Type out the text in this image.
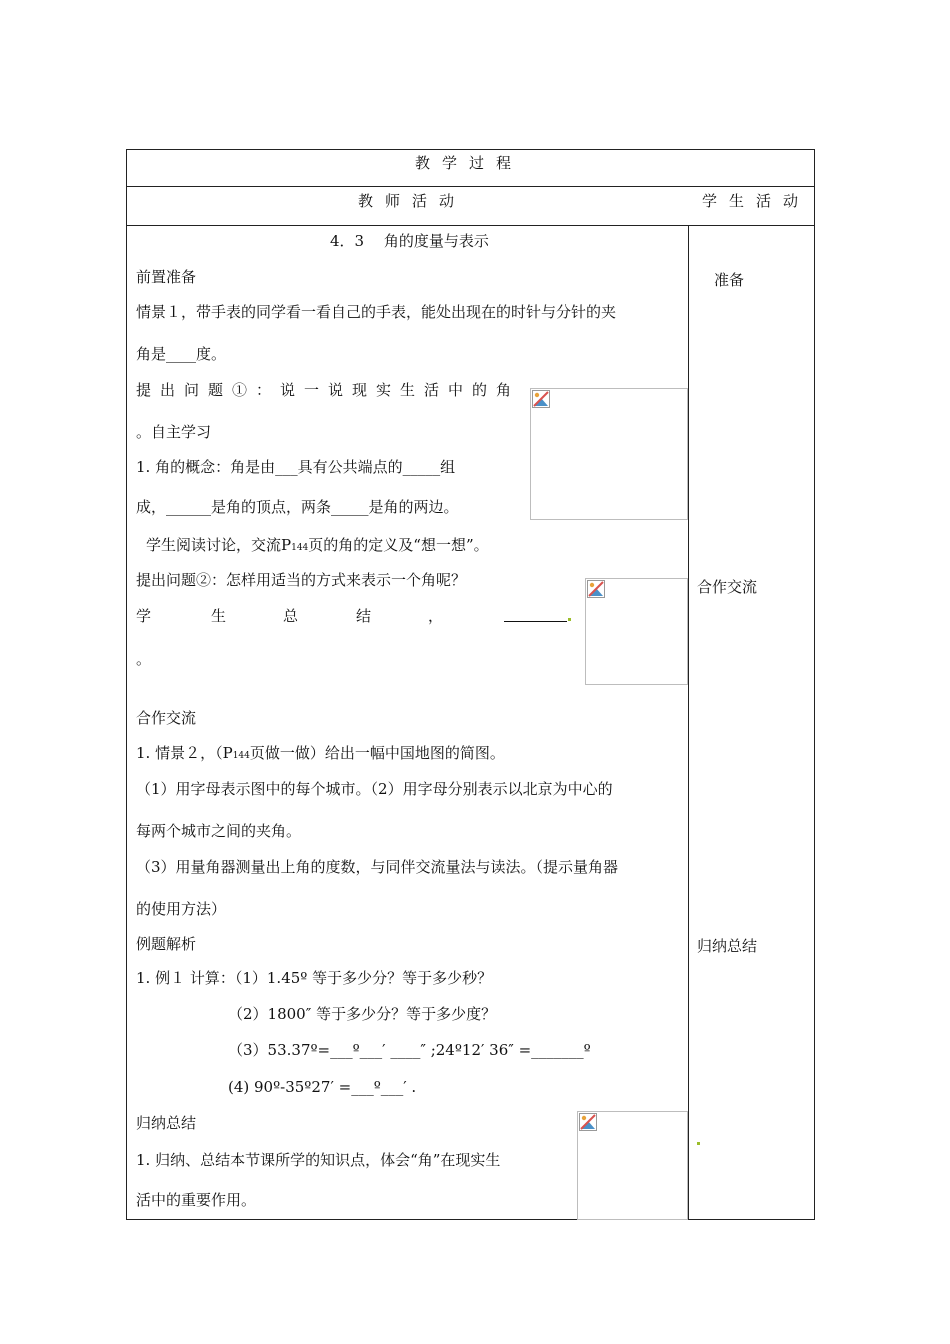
教学过程
教师活动	学生活动
4．3　 角的度量与表示
前置准备
情景１，带手表的同学看一看自己的手表，能处出现在的时针与分针的夹
角是____度。
提出问题①：说一说现实生活中的角
。自主学习
1. 角的概念：角是由___具有公共端点的_____组
成，______是角的顶点，两条_____是角的两边。
学生阅读讨论，交流P144页的角的定义及“想一想”。
提出问题②：怎样用适当的方式来表示一个角呢？
学	生	总	结	，
。
合作交流
1. 情景２，（P144页做一做）给出一幅中国地图的简图。
（1）用字母表示图中的每个城市。（2）用字母分别表示以北京为中心的
每两个城市之间的夹角。
（3）用量角器测量出上角的度数，与同伴交流量法与读法。（提示量角器
的使用方法）
例题解析
1. 例１ 计算：（1）1.45º 等于多少分？等于多少秒？
（2）1800″ 等于多少分？等于多少度？
（3）53.37º=___º___′ ____″ ;24º12′ 36″ =_______º
(4) 90º-35º27′ =___º___′ .
归纳总结
1. 归纳、总结本节课所学的知识点，体会“角”在现实生
活中的重要作用。
准备
合作交流
归纳总结
